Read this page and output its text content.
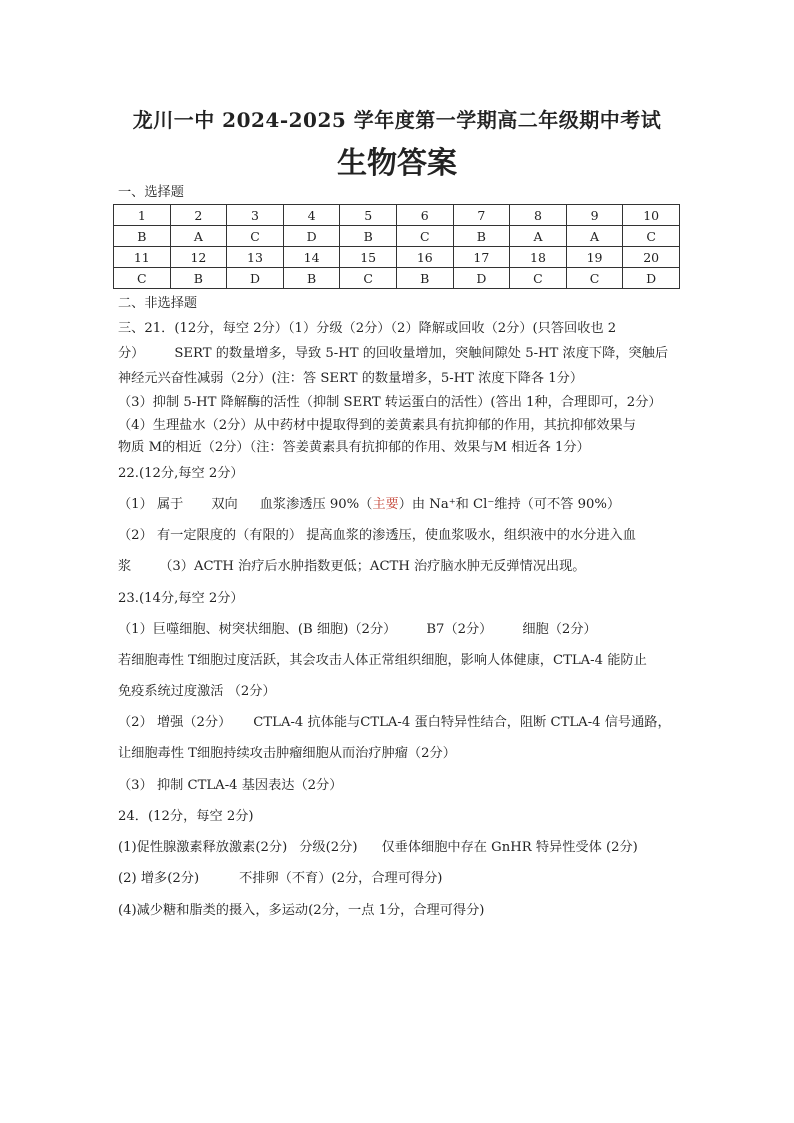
龙川一中 2024-2025 学年度第一学期高二年级期中考试
生物答案
一、选择题
1	2	3	4	5	6	7	8	9	10
B	A	C	D	B	C	B	A	A	C
11	12	13	14	15	16	17	18	19	20
C	B	D	B	C	B	D	C	C	D
二、非选择题
三、21．(12分，每空 2分）（1）分级（2分）（2）降解或回收（2分）(只答回收也 2
分） SERT 的数量增多，导致 5-HT 的回收量增加，突触间隙处 5-HT 浓度下降，突触后
神经元兴奋性减弱（2分）(注：答 SERT 的数量增多，5-HT 浓度下降各 1分）
（3）抑制 5-HT 降解酶的活性（抑制 SERT 转运蛋白的活性）(答出 1种，合理即可，2分）
（4）生理盐水（2分）从中药材中提取得到的姜黄素具有抗抑郁的作用，其抗抑郁效果与
物质 M的相近（2分）（注：答姜黄素具有抗抑郁的作用、效果与M 相近各 1分）
22.(12分,每空 2分）
（1） 属于 双向 血浆渗透压 90%（主要）由 Na⁺和 Cl⁻维持（可不答 90%）
（2） 有一定限度的（有限的） 提高血浆的渗透压，使血浆吸水，组织液中的水分进入血
浆 （3）ACTH 治疗后水肿指数更低；ACTH 治疗脑水肿无反弹情况出现。
23.(14分,每空 2分）
（1）巨噬细胞、树突状细胞、(B 细胞)（2分） B7（2分） 细胞（2分）
若细胞毒性 T细胞过度活跃，其会攻击人体正常组织细胞，影响人体健康，CTLA-4 能防止
免疫系统过度激活 （2分）
（2） 增强（2分） CTLA-4 抗体能与CTLA-4 蛋白特异性结合，阻断 CTLA-4 信号通路，
让细胞毒性 T细胞持续攻击肿瘤细胞从而治疗肿瘤（2分）
（3） 抑制 CTLA-4 基因表达（2分）
24．(12分，每空 2分)
(1)促性腺激素释放激素(2分) 分级(2分) 仅垂体细胞中存在 GnHR 特异性受体 (2分)
(2) 增多(2分)	不排卵（不育）(2分，合理可得分)
(4)减少糖和脂类的摄入，多运动(2分，一点 1分，合理可得分)
